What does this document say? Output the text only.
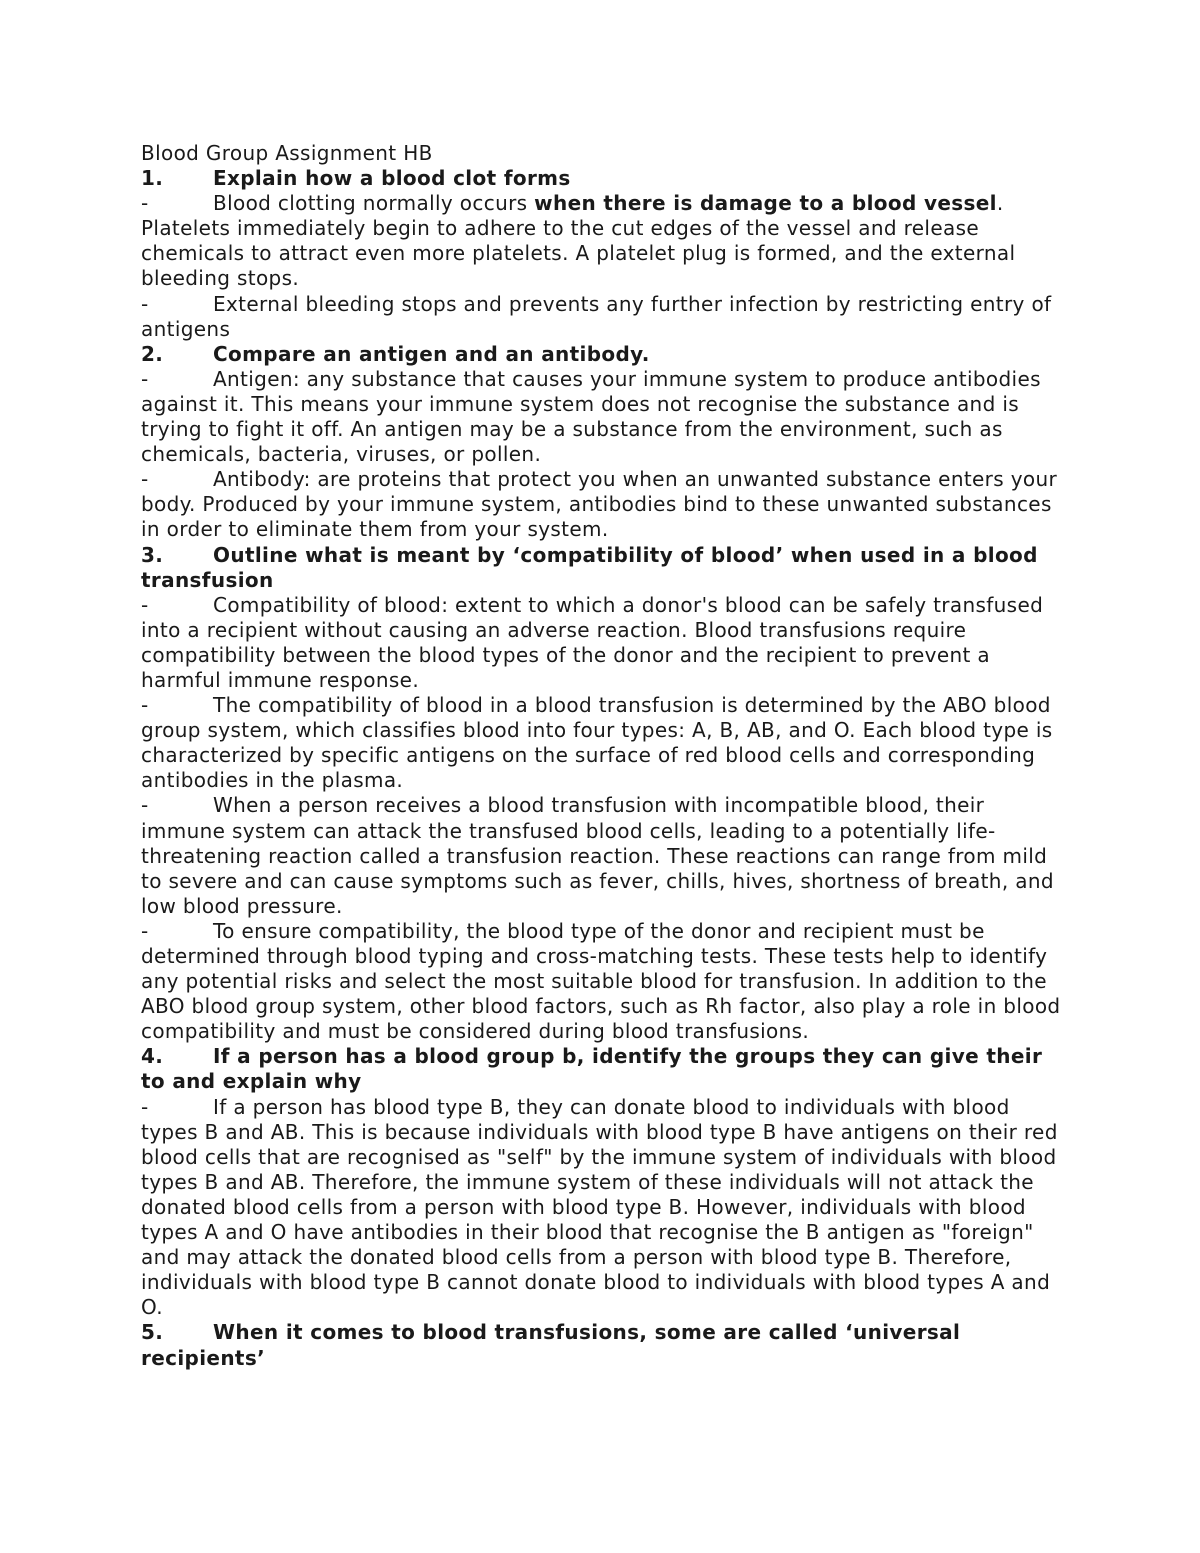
Blood Group Assignment HB

1. Explain how a blood clot forms

-	Blood clotting normally occurs when there is damage to a blood vessel. Platelets immediately begin to adhere to the cut edges of the vessel and release chemicals to attract even more platelets. A platelet plug is formed, and the external bleeding stops.

-	External bleeding stops and prevents any further infection by restricting entry of antigens

2. Compare an antigen and an antibody.

-	Antigen: any substance that causes your immune system to produce antibodies against it. This means your immune system does not recognise the substance and is trying to fight it off. An antigen may be a substance from the environment, such as chemicals, bacteria, viruses, or pollen.

-	Antibody: are proteins that protect you when an unwanted substance enters your body. Produced by your immune system, antibodies bind to these unwanted substances in order to eliminate them from your system.

3. Outline what is meant by ‘compatibility of blood’ when used in a blood transfusion

-	Compatibility of blood: extent to which a donor's blood can be safely transfused into a recipient without causing an adverse reaction. Blood transfusions require compatibility between the blood types of the donor and the recipient to prevent a harmful immune response.

-	The compatibility of blood in a blood transfusion is determined by the ABO blood group system, which classifies blood into four types: A, B, AB, and O. Each blood type is characterized by specific antigens on the surface of red blood cells and corresponding antibodies in the plasma.

-	When a person receives a blood transfusion with incompatible blood, their immune system can attack the transfused blood cells, leading to a potentially life-threatening reaction called a transfusion reaction. These reactions can range from mild to severe and can cause symptoms such as fever, chills, hives, shortness of breath, and low blood pressure.

-	To ensure compatibility, the blood type of the donor and recipient must be determined through blood typing and cross-matching tests. These tests help to identify any potential risks and select the most suitable blood for transfusion. In addition to the ABO blood group system, other blood factors, such as Rh factor, also play a role in blood compatibility and must be considered during blood transfusions.

4. If a person has a blood group b, identify the groups they can give their to and explain why

-	If a person has blood type B, they can donate blood to individuals with blood types B and AB. This is because individuals with blood type B have antigens on their red blood cells that are recognised as "self" by the immune system of individuals with blood types B and AB. Therefore, the immune system of these individuals will not attack the donated blood cells from a person with blood type B. However, individuals with blood types A and O have antibodies in their blood that recognise the B antigen as "foreign" and may attack the donated blood cells from a person with blood type B. Therefore, individuals with blood type B cannot donate blood to individuals with blood types A and O.

5. When it comes to blood transfusions, some are called ‘universal recipients’
